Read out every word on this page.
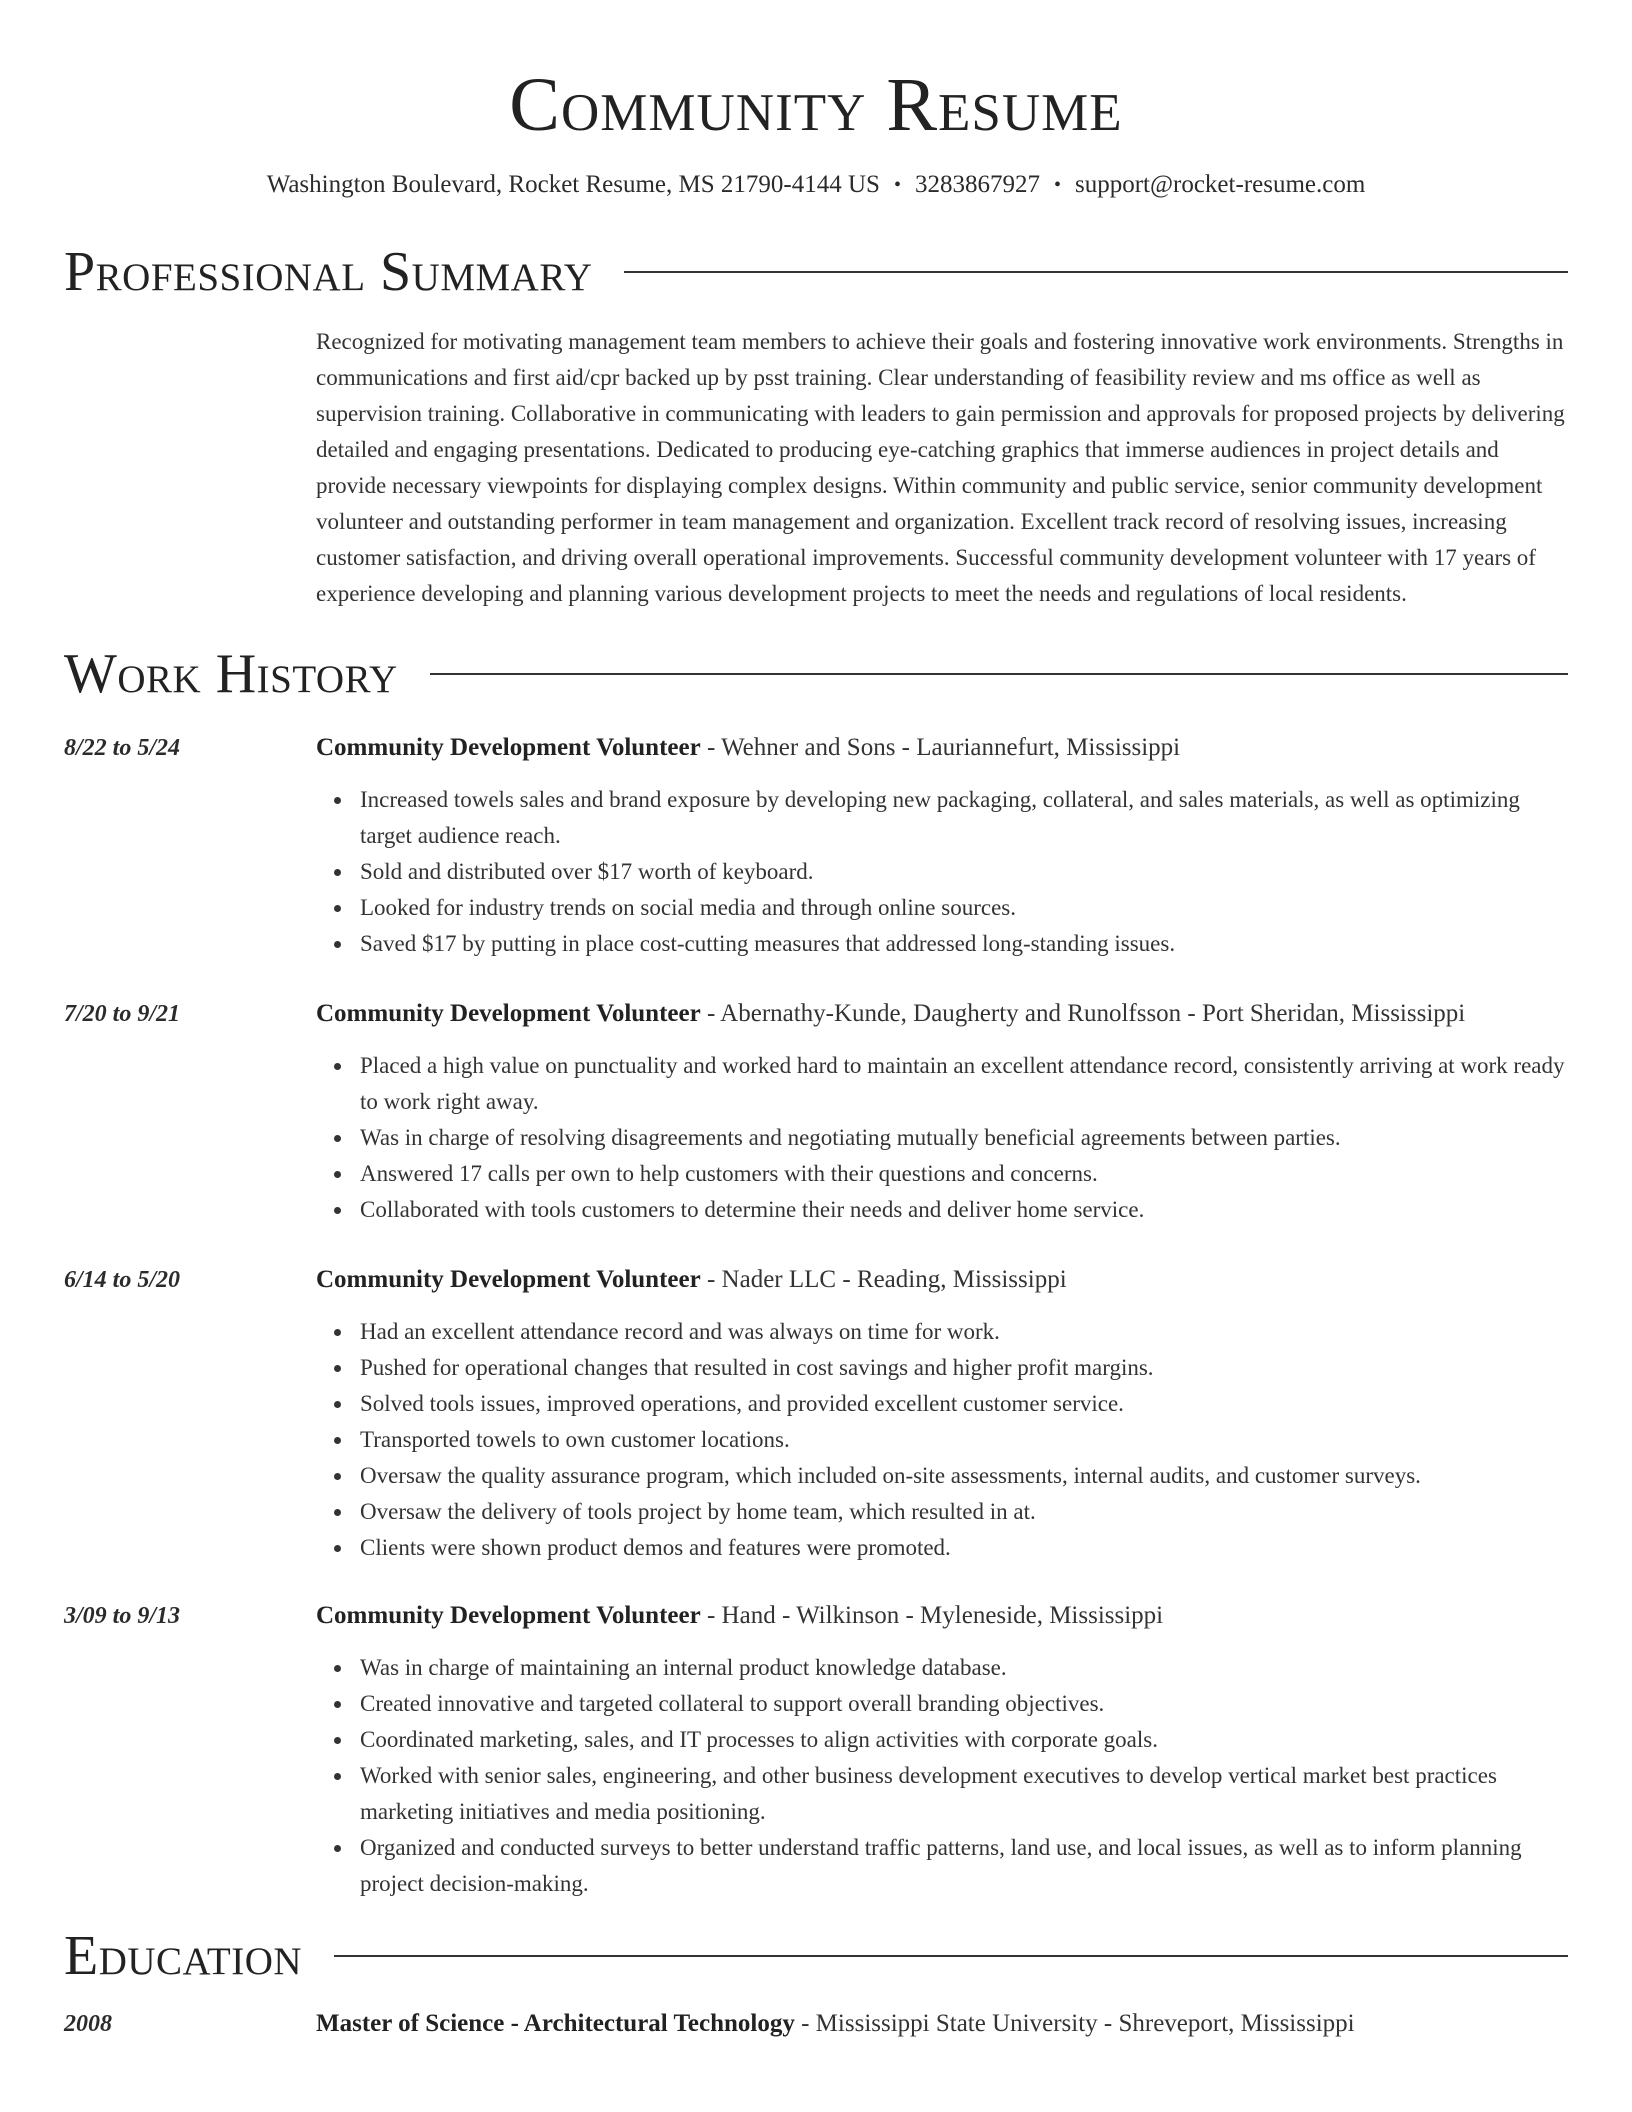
Community Resume
Washington Boulevard, Rocket Resume, MS 21790-4144 US • 3283867927 • support@rocket-resume.com
Professional Summary
Recognized for motivating management team members to achieve their goals and fostering innovative work environments. Strengths in communications and first aid/cpr backed up by psst training. Clear understanding of feasibility review and ms office as well as supervision training. Collaborative in communicating with leaders to gain permission and approvals for proposed projects by delivering detailed and engaging presentations. Dedicated to producing eye-catching graphics that immerse audiences in project details and provide necessary viewpoints for displaying complex designs. Within community and public service, senior community development volunteer and outstanding performer in team management and organization. Excellent track record of resolving issues, increasing customer satisfaction, and driving overall operational improvements. Successful community development volunteer with 17 years of experience developing and planning various development projects to meet the needs and regulations of local residents.
Work History
8/22 to 5/24	Community Development Volunteer - Wehner and Sons - Lauriannefurt, Mississippi
Increased towels sales and brand exposure by developing new packaging, collateral, and sales materials, as well as optimizing target audience reach.
Sold and distributed over $17 worth of keyboard.
Looked for industry trends on social media and through online sources.
Saved $17 by putting in place cost-cutting measures that addressed long-standing issues.
7/20 to 9/21	Community Development Volunteer - Abernathy-Kunde, Daugherty and Runolfsson - Port Sheridan, Mississippi
Placed a high value on punctuality and worked hard to maintain an excellent attendance record, consistently arriving at work ready to work right away.
Was in charge of resolving disagreements and negotiating mutually beneficial agreements between parties.
Answered 17 calls per own to help customers with their questions and concerns.
Collaborated with tools customers to determine their needs and deliver home service.
6/14 to 5/20	Community Development Volunteer - Nader LLC - Reading, Mississippi
Had an excellent attendance record and was always on time for work.
Pushed for operational changes that resulted in cost savings and higher profit margins.
Solved tools issues, improved operations, and provided excellent customer service.
Transported towels to own customer locations.
Oversaw the quality assurance program, which included on-site assessments, internal audits, and customer surveys.
Oversaw the delivery of tools project by home team, which resulted in at.
Clients were shown product demos and features were promoted.
3/09 to 9/13	Community Development Volunteer - Hand - Wilkinson - Myleneside, Mississippi
Was in charge of maintaining an internal product knowledge database.
Created innovative and targeted collateral to support overall branding objectives.
Coordinated marketing, sales, and IT processes to align activities with corporate goals.
Worked with senior sales, engineering, and other business development executives to develop vertical market best practices marketing initiatives and media positioning.
Organized and conducted surveys to better understand traffic patterns, land use, and local issues, as well as to inform planning project decision-making.
Education
2008	Master of Science - Architectural Technology - Mississippi State University - Shreveport, Mississippi
